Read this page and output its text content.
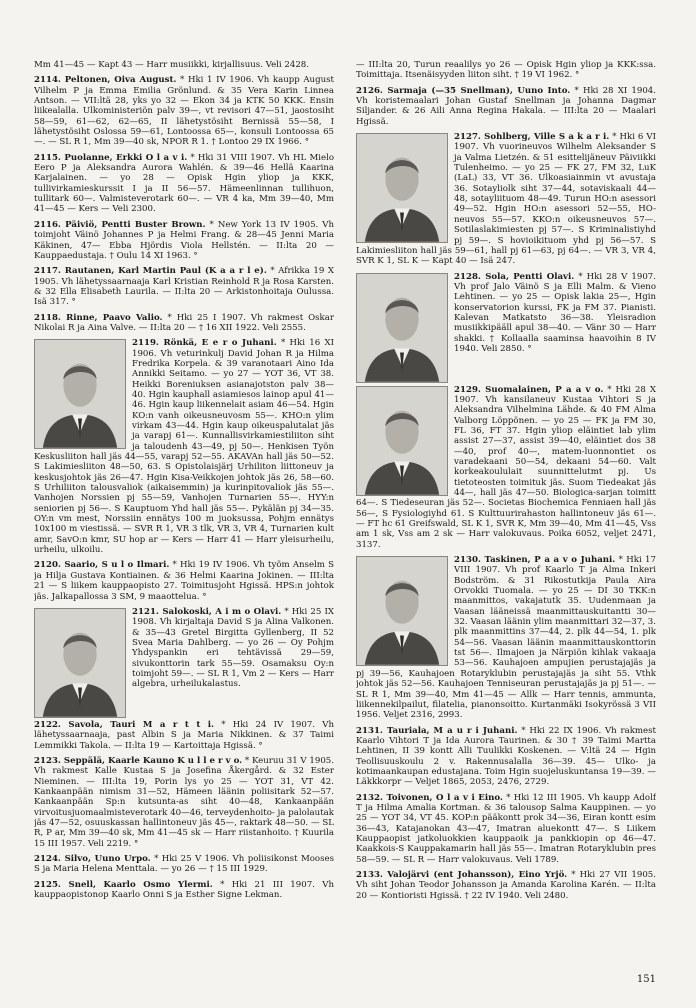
Mm 41—45 — Kapt 43 — Harr musiikki, kirjallisuus. Veli 2428.

2114. Peltonen, Oiva August. * Hki 1 IV 1906. Vh kaupp August Vilhelm P ja Emma Emilia Grönlund. & 35 Vera Karin Linnea Antson. — VII:ltä 28, yks yo 32 — Ekon 34 ja KTK 50 KKK. Ensin liikealalla. Ulkoministeriön palv 39—, vt revisori 47—51, jaostosiht 58—59, 61—62, 62—65, II lähetystösiht Bernissä 55—58, I lähetystösiht Oslossa 59—61, Lontoossa 65—, konsuli Lontoossa 65—. — SL R 1, Mm 39—40 sk, NPOR R 1. † Lontoo 29 IX 1966. °

2115. Puolanne, Erkki O l a v i. * Hki 31 VIII 1907. Vh HL Mielo Eero P ja Aleksandra Aurora Wahlén. & 39—46 Hellä Kaarina Karjalainen. — yo 28 — Opisk Hgin yliop ja KKK, tullivirkamieskurssit I ja II 56—57. Hämeenlinnan tullihuon, tullitark 60—. Valmisteverotark 60—. — VR 4 ka, Mm 39—40, Mm 41—45 — Kers — Veli 2300.

2116. Päiviö, Pentti Buster Brown. * New York 13 IV 1905. Vh toimjoht Väinö Johannes P ja Helmi Frang. & 28—45 Jenni Maria Käkinen, 47— Ebba Hjördis Viola Hellstén. — II:lta 20 — Kauppaedustaja. † Oulu 14 XI 1963. °

2117. Rautanen, Karl Martin Paul (K a a r l e). * Afrikka 19 X 1905. Vh lähetyssaarnaaja Karl Kristian Reinhold R ja Rosa Karsten. & 32 Ella Elisabeth Laurila. — II:lta 20 — Arkistonhoitaja Oulussa. Isä 317. °

2118. Rinne, Paavo Valio. * Hki 25 I 1907. Vh rakmest Oskar Nikolai R ja Aina Valve. — II:lta 20 — † 16 XII 1922. Veli 2555.

2119. Rönkä, E e r o Juhani. * Hki 16 XI 1906. Vh veturinkulj David Johan R ja Hilma Fredrika Korpela. & 39 varanotaari Aino Ida Annikki Seitamo. — yo 27 — YOT 36, VT 38. Heikki Boreniuksen asianajotston palv 38—40. Hgin kauphall asiamiesos lainop apul 41—46. Hgin kaup liikennelait asiam 46—54. Hgin KO:n vanh oikeusneuvosm 55—. KHO:n ylim virkam 43—44. Hgin kaup oikeuspalutalat jäs ja varapj 61—. Kunnallisvirkamiestiliiton siht ja taloudenh 43—49, pj 50—. Henkisen Työn Keskusliiton hall jäs 44—55, varapj 52—55. AKAVAn hall jäs 50—52. S Lakimiesliiton 48—50, 63. S Opistolaisjärj Urhiliton liittoneuv ja keskusjohtok jäs 26—47. Hgin Kisa-Veikkojen johtok jäs 26, 58—60. S Urhiliiton talousvaliok (aikaisemmin) ja kurinpitovaliok jäs 55—. Vanhojen Norssien pj 55—59, Vanhojen Turnarien 55—. HYY:n seniorien pj 56—. S Kauptuom Yhd hall jäs 55—. Pykälän pj 34—35. OY:n vm mest, Norssiin ennätys 100 m juoksussa, Pohjm ennätys 10x100 m viestissä. — SVR R 1, VR 3 tlk, VR 3, VR 4, Turnarien kult amr, SavO:n kmr, SU hop ar — Kers — Harr 41 — Harr yleisurheilu, urheilu, ulkoilu.

2120. Saario, S u l o Ilmari. * Hki 19 IV 1906. Vh työm Anselm S ja Hilja Gustava Kontiainen. & 36 Helmi Kaarina Jokinen. — III:lta 21 — S liikem kauppaopisto 27. Toimitusjoht Hgissä. HPS:n johtok jäs. Jalkapallossa 3 SM, 9 maaottelua. °

2121. Salokoski, A i m o Olavi. * Hki 25 IX 1908. Vh kirjaltaja David S ja Alina Valkonen. & 35—43 Gretel Birgitta Gyllenberg, II 52 Svea Maria Dahlberg. — yo 26 — Oy Pohjm Yhdyspankin eri tehtävissä 29—59, sivukonttorin tark 55—59. Osamaksu Oy:n toimjoht 59—. — SL R 1, Vm 2 — Kers — Harr algebra, urheilukalastus.

2122. Savola, Tauri M a r t t i. * Hki 24 IV 1907. Vh lähetyssaarnaaja, past Albin S ja Maria Nikkinen. & 37 Taimi Lemmikki Takola. — II:lta 19 — Kartoittaja Hgissä. °

2123. Seppälä, Kaarle Kauno K u l l e r v o. * Keuruu 31 V 1905. Vh rakmest Kalle Kustaa S ja Josefina Åkergård. & 32 Ester Nieminen. — III:lta 19, Porin lys yo 25 — YOT 31, VT 42. Kankaanpään nimism 31—52, Hämeen läänin poliisitark 52—57. Kankaanpään Sp:n kutsunta-as siht 40—48, Kankaanpään virvoitusjuomaalmisteverotark 40—46, terveydenhoito- ja palolautak jäs 47—52, osuuskassan hallintoneuv jäs 45—, raktark 48—50. — SL R, P ar, Mm 39—40 sk, Mm 41—45 sk — Harr riistanhoito. † Kuurila 15 III 1957. Veli 2219. °

2124. Silvo, Uuno Urpo. * Hki 25 V 1906. Vh poliisikonst Mooses S ja Maria Helena Menttala. — yo 26 — † 15 III 1929.

2125. Snell, Kaarlo Osmo Ylermi. * Hki 21 III 1907. Vh kauppaopistonop Kaarlo Onni S ja Esther Signe Lekman.

— III:lta 20, Turun reaalilys yo 26 — Opisk Hgin yliop ja KKK:ssa. Toimittaja. Itsenäisyyden liiton siht. † 19 VI 1962. °

2126. Sarmaja (—35 Snellman), Uuno Into. * Hki 28 XI 1904. Vh koristemaalari Johan Gustaf Snellman ja Johanna Dagmar Siljander. & 26 Aili Anna Regina Hakala. — III:lta 20 — Maalari Hgissä.

2127. Sohlberg, Ville S a k a r i. * Hki 6 VI 1907. Vh vuorineuvos Wilhelm Aleksander S ja Valma Lietzén. & 51 esittelijäneuv Päiviikki Tulenheimo. — yo 25 — FK 27, FM 32, LuK (LaL) 33, VT 36. Ulkoasiainmin vt avustaja 36. Sotayliolk siht 37—44, sotaviskaali 44—48, sotayliituom 48—49. Turun HO:n asessori 49—52. Hgin HO:n asessori 52—55, HO-neuvos 55—57. KKO:n oikeusneuvos 57—. Sotilaslakimiesten pj 57—. S Kriminalistiyhd pj 59—. S hovioikituom yhd pj 56—57. S Lakimiesliiton hall jäs 59—61, hall pj 61—63, pj 64—. — VR 3, VR 4, SVR K 1, SL K — Kapt 40 — Isä 247.

2128. Sola, Pentti Olavi. * Hki 28 V 1907. Vh prof Jalo Väinö S ja Elli Malm. & Vieno Lehtinen. — yo 25 — Opisk lakia 25—, Hgin konservatorion kurssi, FK ja FM 37. Pianisti. Kalevan Matkatsto 36—38. Yleisradion musiikkipääll apul 38—40. — Vänr 30 — Harr shakki. † Kollaalla saaminsa haavoihin 8 IV 1940. Veli 2850. °

2129. Suomalainen, P a a v o. * Hki 28 X 1907. Vh kansilaneuv Kustaa Vihtori S ja Aleksandra Vilhelmina Lähde. & 40 FM Alma Valborg Löppönen. — yo 25 — FK ja FM 30, FL 36, FT 37. Hgin yliop eläintiet lab ylim assist 27—37, assist 39—40, eläintiet dos 38—40, prof 40—, matem-luonnontiet os varadekaani 50—54, dekaani 54—60. Valt korkeakoululait suunnittelutmt pj. Us tietoteosten toimituk jäs. Suom Tiedeakat jäs 44—, hall jäs 47—50. Biologica-sarjan toimitt 64—. S Tiedeseuran jäs 52—. Societas Biochemica Fenniaen hall jäs 56—, S Fysiologiyhd 61. S Kulttuurirahaston hallintoneuv jäs 61—. — FT hc 61 Greifswald, SL K 1, SVR K, Mm 39—40, Mm 41—45, Vss am 1 sk, Vss am 2 sk — Harr valokuvaus. Poika 6052, veljet 2471, 3137.

2130. Taskinen, P a a v o Juhani. * Hki 17 VIII 1907. Vh prof Kaarlo T ja Alma Inkeri Bodström. & 31 Rikostutkija Paula Aira Orvokki Tuomala. — yo 25 — DI 30 TKK:n maanmittos, vakajatutk 35. Uudenmaan ja Vaasan lääneissä maanmittauskuitantti 30—32. Vaasan läänin ylim maanmittari 32—37, 3. plk maanmittins 37—44, 2. plk 44—54, 1. plk 54—56. Vaasan läänin maanmittauskonttorin tst 56—. Ilmajoen ja Närpiön kihlak vakaaja 53—56. Kauhajoen ampujien perustajajäs ja pj 39—56, Kauhajoen Rotaryklubin perustajajäs ja siht 55. Vthk johtok jäs 52—56. Kauhajoen Tenniseuran perustajajäs ja pj 51—. — SL R 1, Mm 39—40, Mm 41—45 — Allk — Harr tennis, ammunta, liikennekilpailut, filatelia, pianonsoitto. Kurtanmäki Isokyrössä 3 VII 1956. Veljet 2316, 2993.

2131. Tauriala, M a u r i Juhani. * Hki 22 IX 1906. Vh rakmest Kaarlo Vihtori T ja Ida Aurora Taurinen. & 30 † 39 Taimi Martta Lehtinen, II 39 kontt Alli Tuulikki Koskenen. — V:ltä 24 — Hgin Teollisuuskoulu 2 v. Rakennusalalla 36—39. 45— Ulko- ja kotimaankaupan edustajana. Toim Hgin suojeluskuntansa 19—39. — Läkkkorpr — Veljet 1865, 2053, 2476, 2729.

2132. Toivonen, O l a v i Eino. * Hki 12 III 1905. Vh kaupp Adolf T ja Hilma Amalia Kortman. & 36 talousop Salma Kauppinen. — yo 25 — YOT 34, VT 45. KOP:n pääkontt prok 34—36, Eiran kontt esim 36—43, Katajanokan 43—47, Imatran aluekontt 47—. S Liikem Kauppaopist jatkoluokkien kauppaoik ja pankkiopin op 46—47. Kaakkois-S Kauppakamarin hall jäs 55—. Imatran Rotaryklubin pres 58—59. — SL R — Harr valokuvaus. Veli 1789.

2133. Valojärvi (ent Johansson), Eino Yrjö. * Hki 27 VII 1905. Vh siht Johan Teodor Johansson ja Amanda Karolina Karén. — II:lta 20 — Kontioristi Hgissä. † 22 IV 1940. Veli 2480.

151
